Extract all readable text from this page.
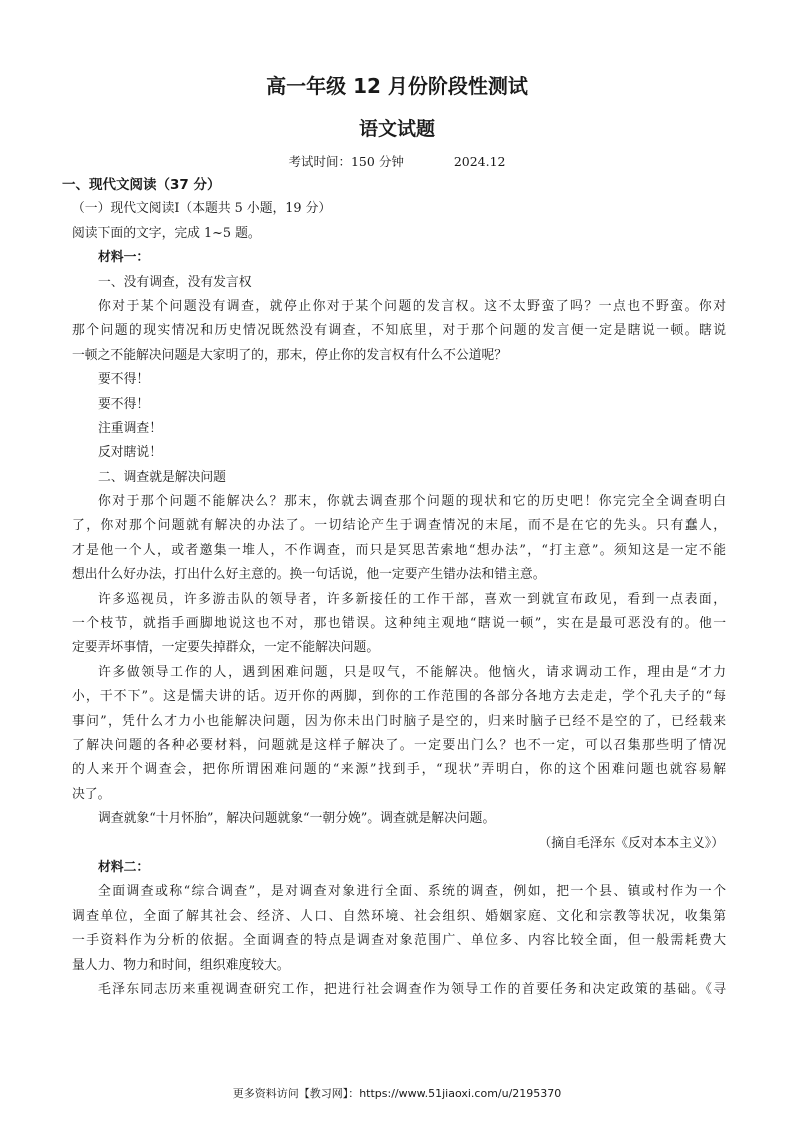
高一年级 12 月份阶段性测试
语文试题
考试时间：150 分钟	2024.12
一、现代文阅读（37 分）
（一）现代文阅读Ⅰ（本题共 5 小题，19 分）
阅读下面的文字，完成 1~5 题。
材料一：
一、没有调查，没有发言权
你对于某个问题没有调查，就停止你对于某个问题的发言权。这不太野蛮了吗？一点也不野蛮。你对
那个问题的现实情况和历史情况既然没有调查，不知底里，对于那个问题的发言便一定是瞎说一顿。瞎说
一顿之不能解决问题是大家明了的，那末，停止你的发言权有什么不公道呢？
要不得！
要不得！
注重调查！
反对瞎说！
二、调查就是解决问题
你对于那个问题不能解决么？那末，你就去调查那个问题的现状和它的历史吧！你完完全全调查明白
了，你对那个问题就有解决的办法了。一切结论产生于调查情况的末尾，而不是在它的先头。只有蠢人，
才是他一个人，或者邀集一堆人，不作调查，而只是冥思苦索地“想办法”，“打主意”。须知这是一定不能
想出什么好办法，打出什么好主意的。换一句话说，他一定要产生错办法和错主意。
许多巡视员，许多游击队的领导者，许多新接任的工作干部，喜欢一到就宣布政见，看到一点表面，
一个枝节，就指手画脚地说这也不对，那也错误。这种纯主观地“瞎说一顿”，实在是最可恶没有的。他一
定要弄坏事情，一定要失掉群众，一定不能解决问题。
许多做领导工作的人，遇到困难问题，只是叹气，不能解决。他恼火，请求调动工作，理由是“才力
小，干不下”。这是懦夫讲的话。迈开你的两脚，到你的工作范围的各部分各地方去走走，学个孔夫子的“每
事问”，凭什么才力小也能解决问题，因为你未出门时脑子是空的，归来时脑子已经不是空的了，已经载来
了解决问题的各种必要材料，问题就是这样子解决了。一定要出门么？也不一定，可以召集那些明了情况
的人来开个调查会，把你所谓困难问题的“来源”找到手，“现状”弄明白，你的这个困难问题也就容易解
决了。
调查就象“十月怀胎”，解决问题就象“一朝分娩”。调查就是解决问题。
（摘自毛泽东《反对本本主义》）
材料二：
全面调查或称“综合调查”，是对调查对象进行全面、系统的调查，例如，把一个县、镇或村作为一个
调查单位，全面了解其社会、经济、人口、自然环境、社会组织、婚姻家庭、文化和宗教等状况，收集第
一手资料作为分析的依据。全面调查的特点是调查对象范围广、单位多、内容比较全面，但一般需耗费大
量人力、物力和时间，组织难度较大。
毛泽东同志历来重视调查研究工作，把进行社会调查作为领导工作的首要任务和决定政策的基础。《寻
更多资料访问【教习网】：https://www.51jiaoxi.com/u/2195370
